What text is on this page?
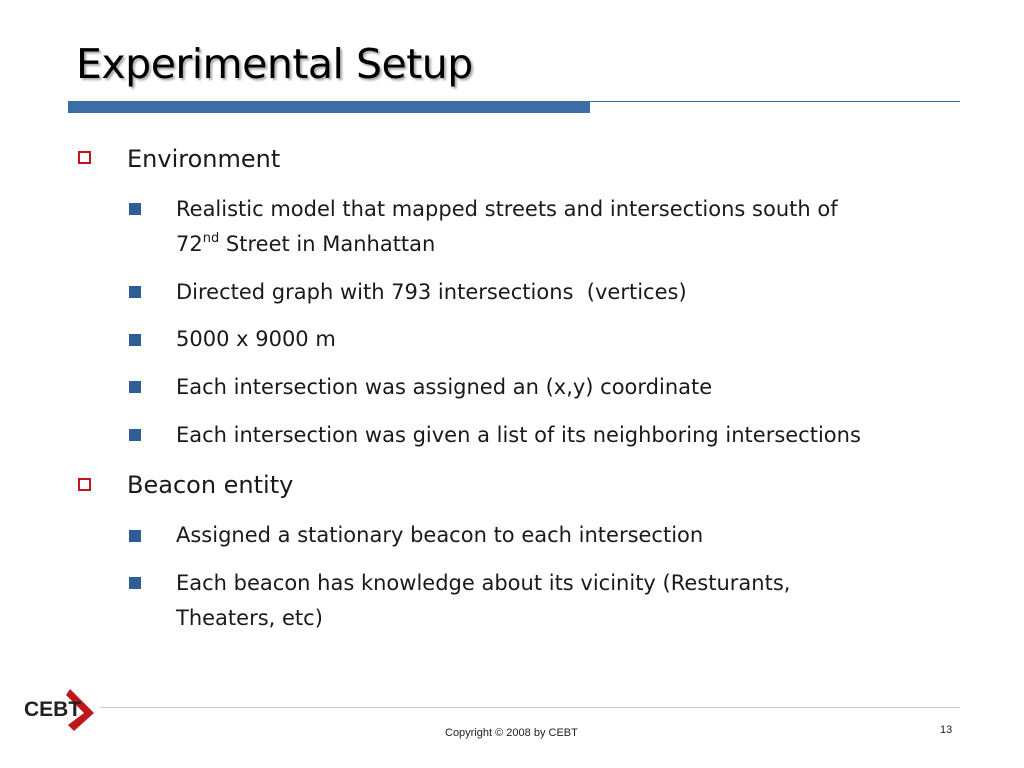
Experimental Setup
Environment
Realistic model that mapped streets and intersections south of
72nd Street in Manhattan
Directed graph with 793 intersections  (vertices)
5000 x 9000 m
Each intersection was assigned an (x,y) coordinate
Each intersection was given a list of its neighboring intersections
Beacon entity
Assigned a stationary beacon to each intersection
Each beacon has knowledge about its vicinity (Resturants,
Theaters, etc)
CEBT
Copyright © 2008 by CEBT	13
